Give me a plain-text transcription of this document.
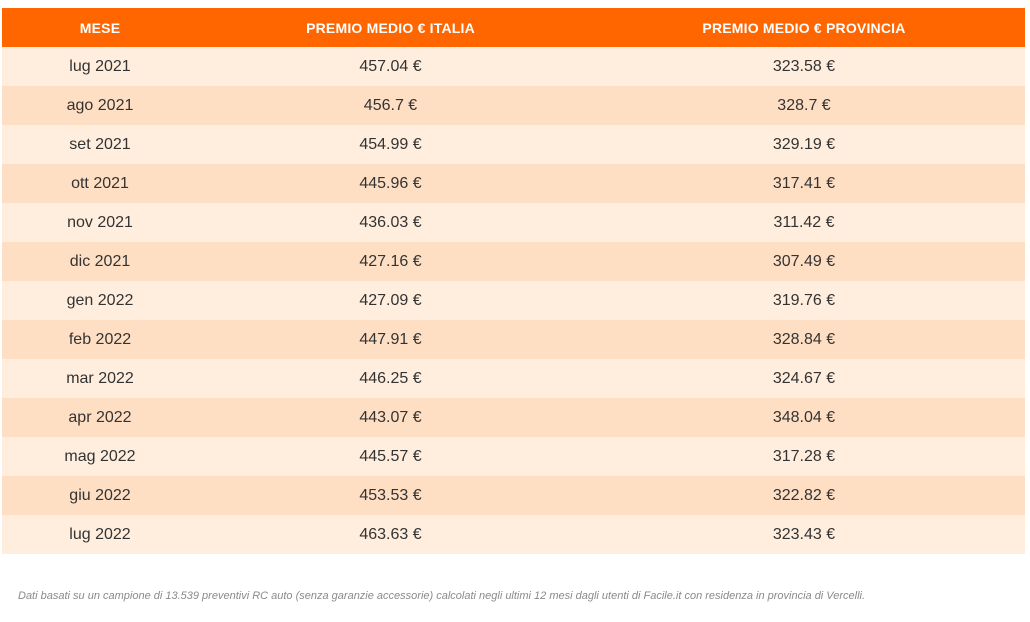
MESE	PREMIO MEDIO € ITALIA	PREMIO MEDIO € PROVINCIA
lug 2021	457.04 €	323.58 €
ago 2021	456.7 €	328.7 €
set 2021	454.99 €	329.19 €
ott 2021	445.96 €	317.41 €
nov 2021	436.03 €	311.42 €
dic 2021	427.16 €	307.49 €
gen 2022	427.09 €	319.76 €
feb 2022	447.91 €	328.84 €
mar 2022	446.25 €	324.67 €
apr 2022	443.07 €	348.04 €
mag 2022	445.57 €	317.28 €
giu 2022	453.53 €	322.82 €
lug 2022	463.63 €	323.43 €
Dati basati su un campione di 13.539 preventivi RC auto (senza garanzie accessorie) calcolati negli ultimi 12 mesi dagli utenti di Facile.it con residenza in provincia di Vercelli.
